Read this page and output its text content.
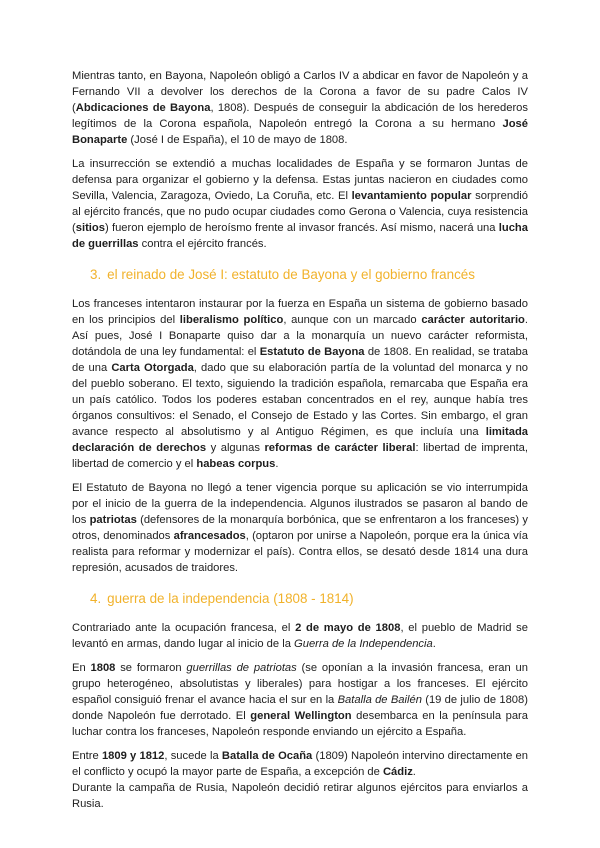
Mientras tanto, en Bayona, Napoleón obligó a Carlos IV a abdicar en favor de Napoleón y a Fernando VII a devolver los derechos de la Corona a favor de su padre Calos IV (Abdicaciones de Bayona, 1808). Después de conseguir la abdicación de los herederos legítimos de la Corona española, Napoleón entregó la Corona a su hermano José Bonaparte (José I de España), el 10 de mayo de 1808.

La insurrección se extendió a muchas localidades de España y se formaron Juntas de defensa para organizar el gobierno y la defensa. Estas juntas nacieron en ciudades como Sevilla, Valencia, Zaragoza, Oviedo, La Coruña, etc. El levantamiento popular sorprendió al ejército francés, que no pudo ocupar ciudades como Gerona o Valencia, cuya resistencia (sitios) fueron ejemplo de heroísmo frente al invasor francés. Así mismo, nacerá una lucha de guerrillas contra el ejército francés.

3. el reinado de José I: estatuto de Bayona y el gobierno francés

Los franceses intentaron instaurar por la fuerza en España un sistema de gobierno basado en los principios del liberalismo político, aunque con un marcado carácter autoritario. Así pues, José I Bonaparte quiso dar a la monarquía un nuevo carácter reformista, dotándola de una ley fundamental: el Estatuto de Bayona de 1808. En realidad, se trataba de una Carta Otorgada, dado que su elaboración partía de la voluntad del monarca y no del pueblo soberano. El texto, siguiendo la tradición española, remarcaba que España era un país católico. Todos los poderes estaban concentrados en el rey, aunque había tres órganos consultivos: el Senado, el Consejo de Estado y las Cortes. Sin embargo, el gran avance respecto al absolutismo y al Antiguo Régimen, es que incluía una limitada declaración de derechos y algunas reformas de carácter liberal: libertad de imprenta, libertad de comercio y el habeas corpus.

El Estatuto de Bayona no llegó a tener vigencia porque su aplicación se vio interrumpida por el inicio de la guerra de la independencia. Algunos ilustrados se pasaron al bando de los patriotas (defensores de la monarquía borbónica, que se enfrentaron a los franceses) y otros, denominados afrancesados, (optaron por unirse a Napoleón, porque era la única vía realista para reformar y modernizar el país). Contra ellos, se desató desde 1814 una dura represión, acusados de traidores.

4. guerra de la independencia (1808 - 1814)

Contrariado ante la ocupación francesa, el 2 de mayo de 1808, el pueblo de Madrid se levantó en armas, dando lugar al inicio de la Guerra de la Independencia.

En 1808 se formaron guerrillas de patriotas (se oponían a la invasión francesa, eran un grupo heterogéneo, absolutistas y liberales) para hostigar a los franceses. El ejército español consiguió frenar el avance hacia el sur en la Batalla de Bailén (19 de julio de 1808) donde Napoleón fue derrotado. El general Wellington desembarca en la península para luchar contra los franceses, Napoleón responde enviando un ejército a España.

Entre 1809 y 1812, sucede la Batalla de Ocaña (1809) Napoleón intervino directamente en el conflicto y ocupó la mayor parte de España, a excepción de Cádiz.

Durante la campaña de Rusia, Napoleón decidió retirar algunos ejércitos para enviarlos a Rusia.
